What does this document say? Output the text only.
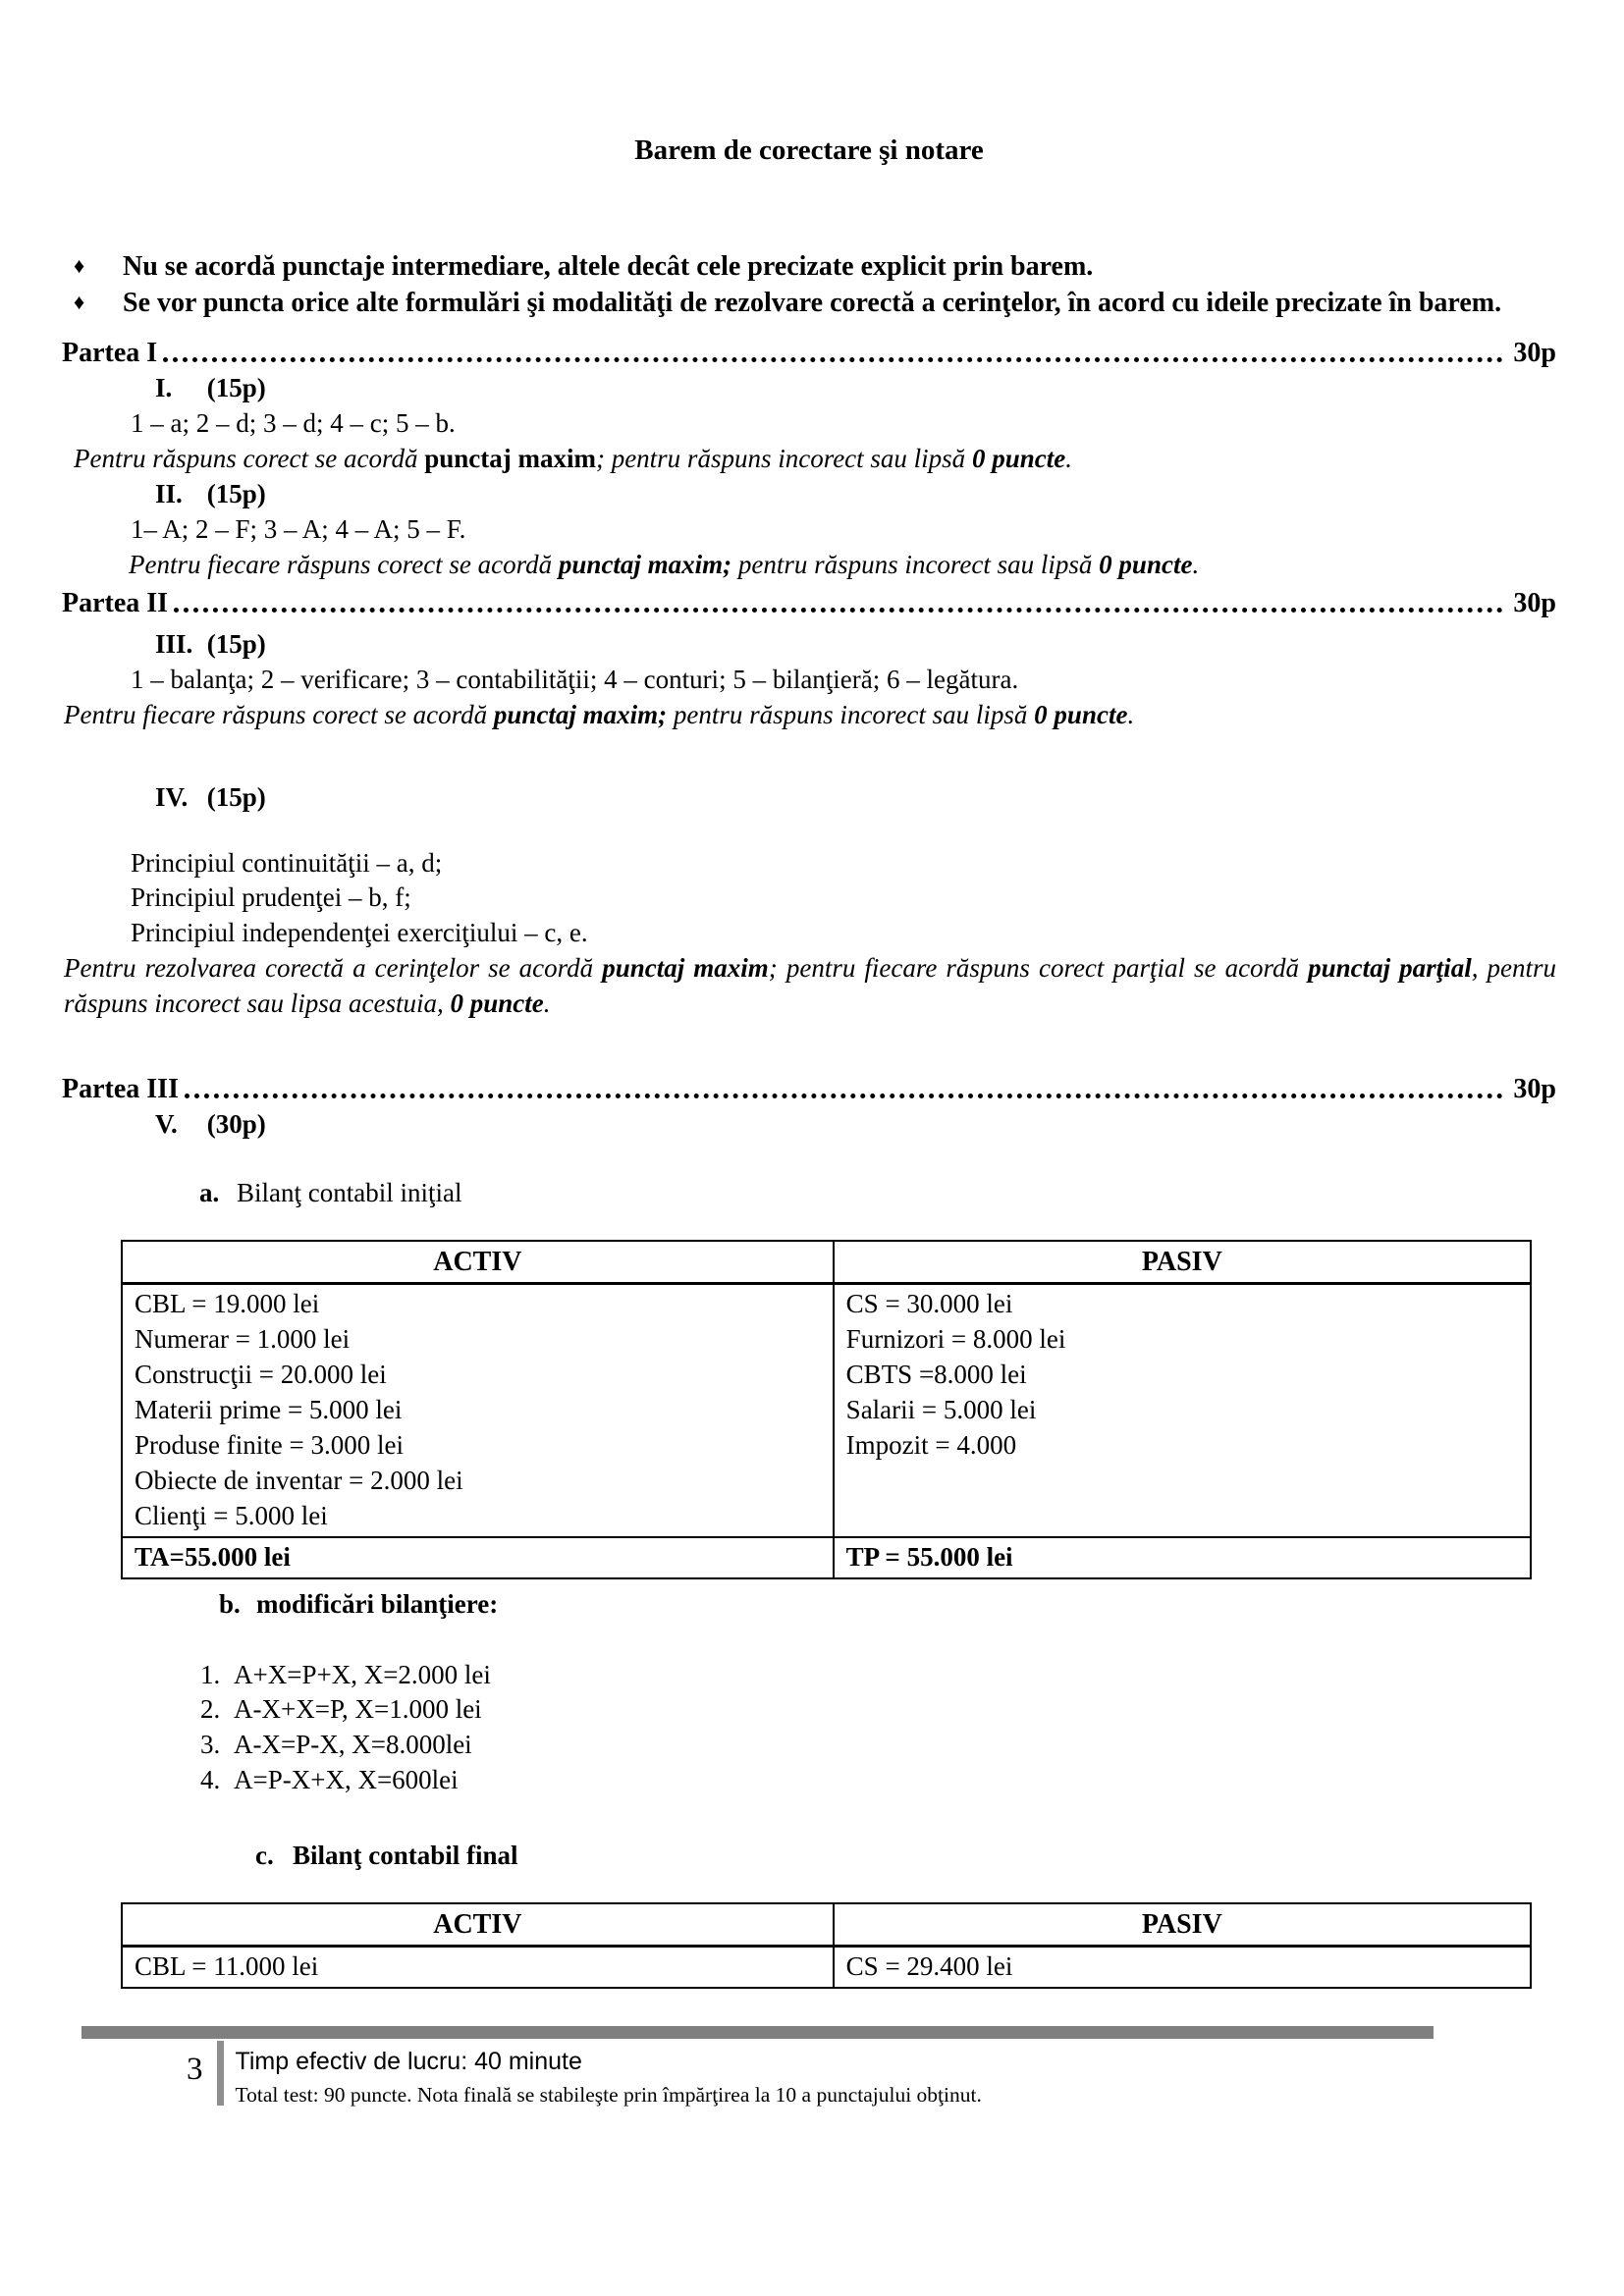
Barem de corectare şi notare
♦	Nu se acordă punctaje intermediare, altele decât cele precizate explicit prin barem.
♦	Se vor puncta orice alte formulări şi modalităţi de rezolvare corectă a cerinţelor, în acord cu ideile precizate în barem.
Partea I	30p
I. (15p)
1 – a; 2 – d; 3 – d; 4 – c; 5 – b.
Pentru răspuns corect se acordă punctaj maxim; pentru răspuns incorect sau lipsă 0 puncte.
II. (15p)
1– A; 2 – F; 3 – A; 4 – A; 5 – F.
Pentru fiecare răspuns corect se acordă punctaj maxim; pentru răspuns incorect sau lipsă 0 puncte.
Partea II	30p
III. (15p)
1 – balanţa; 2 – verificare; 3 – contabilităţii; 4 – conturi; 5 – bilanţieră; 6 – legătura.
Pentru fiecare răspuns corect se acordă punctaj maxim; pentru răspuns incorect sau lipsă 0 puncte.
IV. (15p)
Principiul continuităţii – a, d;
Principiul prudenţei – b, f;
Principiul independenţei exerciţiului – c, e.
Pentru rezolvarea corectă a cerinţelor se acordă punctaj maxim; pentru fiecare răspuns corect parţial se acordă punctaj parţial, pentru răspuns incorect sau lipsa acestuia, 0 puncte.
Partea III	30p
V. (30p)
a. Bilanţ contabil iniţial
ACTIV	PASIV

CBL = 19.000 lei
Numerar = 1.000 lei
Construcţii = 20.000 lei
Materii prime = 5.000 lei
Produse finite = 3.000 lei
Obiecte de inventar = 2.000 lei
Clienţi = 5.000 lei

CS = 30.000 lei
Furnizori = 8.000 lei
CBTS =8.000 lei
Salarii = 5.000 lei
Impozit = 4.000

TA=55.000 lei	TP = 55.000 lei
b. modificări bilanţiere:
1. A+X=P+X, X=2.000 lei
2. A-X+X=P, X=1.000 lei
3. A-X=P-X, X=8.000lei
4. A=P-X+X, X=600lei
c. Bilanţ contabil final
ACTIV	PASIV
CBL = 11.000 lei	CS = 29.400 lei
3 Timp efectiv de lucru: 40 minute
Total test: 90 puncte. Nota finală se stabileşte prin împărţirea la 10 a punctajului obţinut.
